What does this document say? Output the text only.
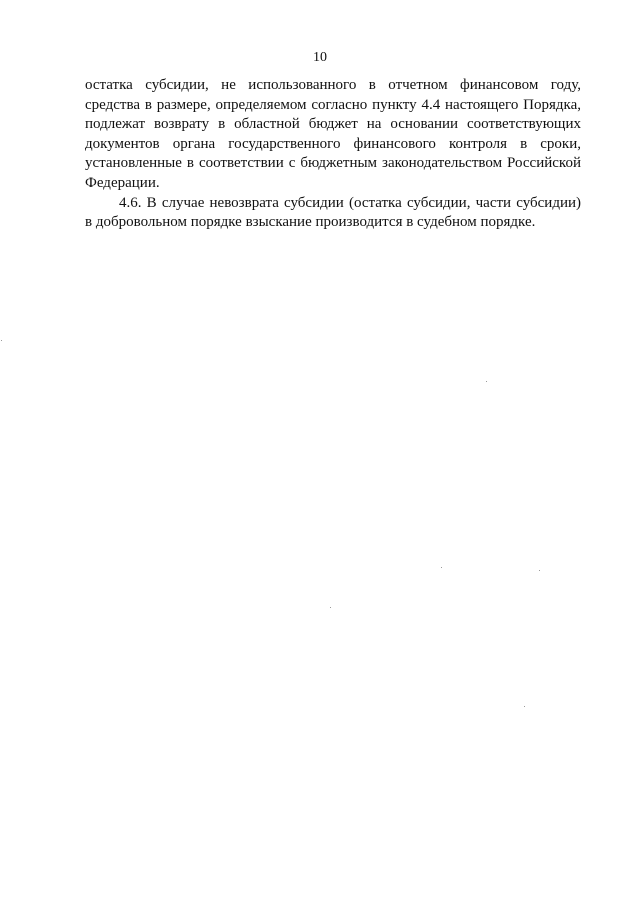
10
остатка субсидии, не использованного в отчетном финансовом году,
средства в размере, определяемом согласно пункту 4.4 настоящего Порядка,
подлежат возврату в областной бюджет на основании соответствующих
документов органа государственного финансового контроля в сроки,
установленные в соответствии с бюджетным законодательством Российской
Федерации.
4.6. В случае невозврата субсидии (остатка субсидии, части субсидии)
в добровольном порядке взыскание производится в судебном порядке.
